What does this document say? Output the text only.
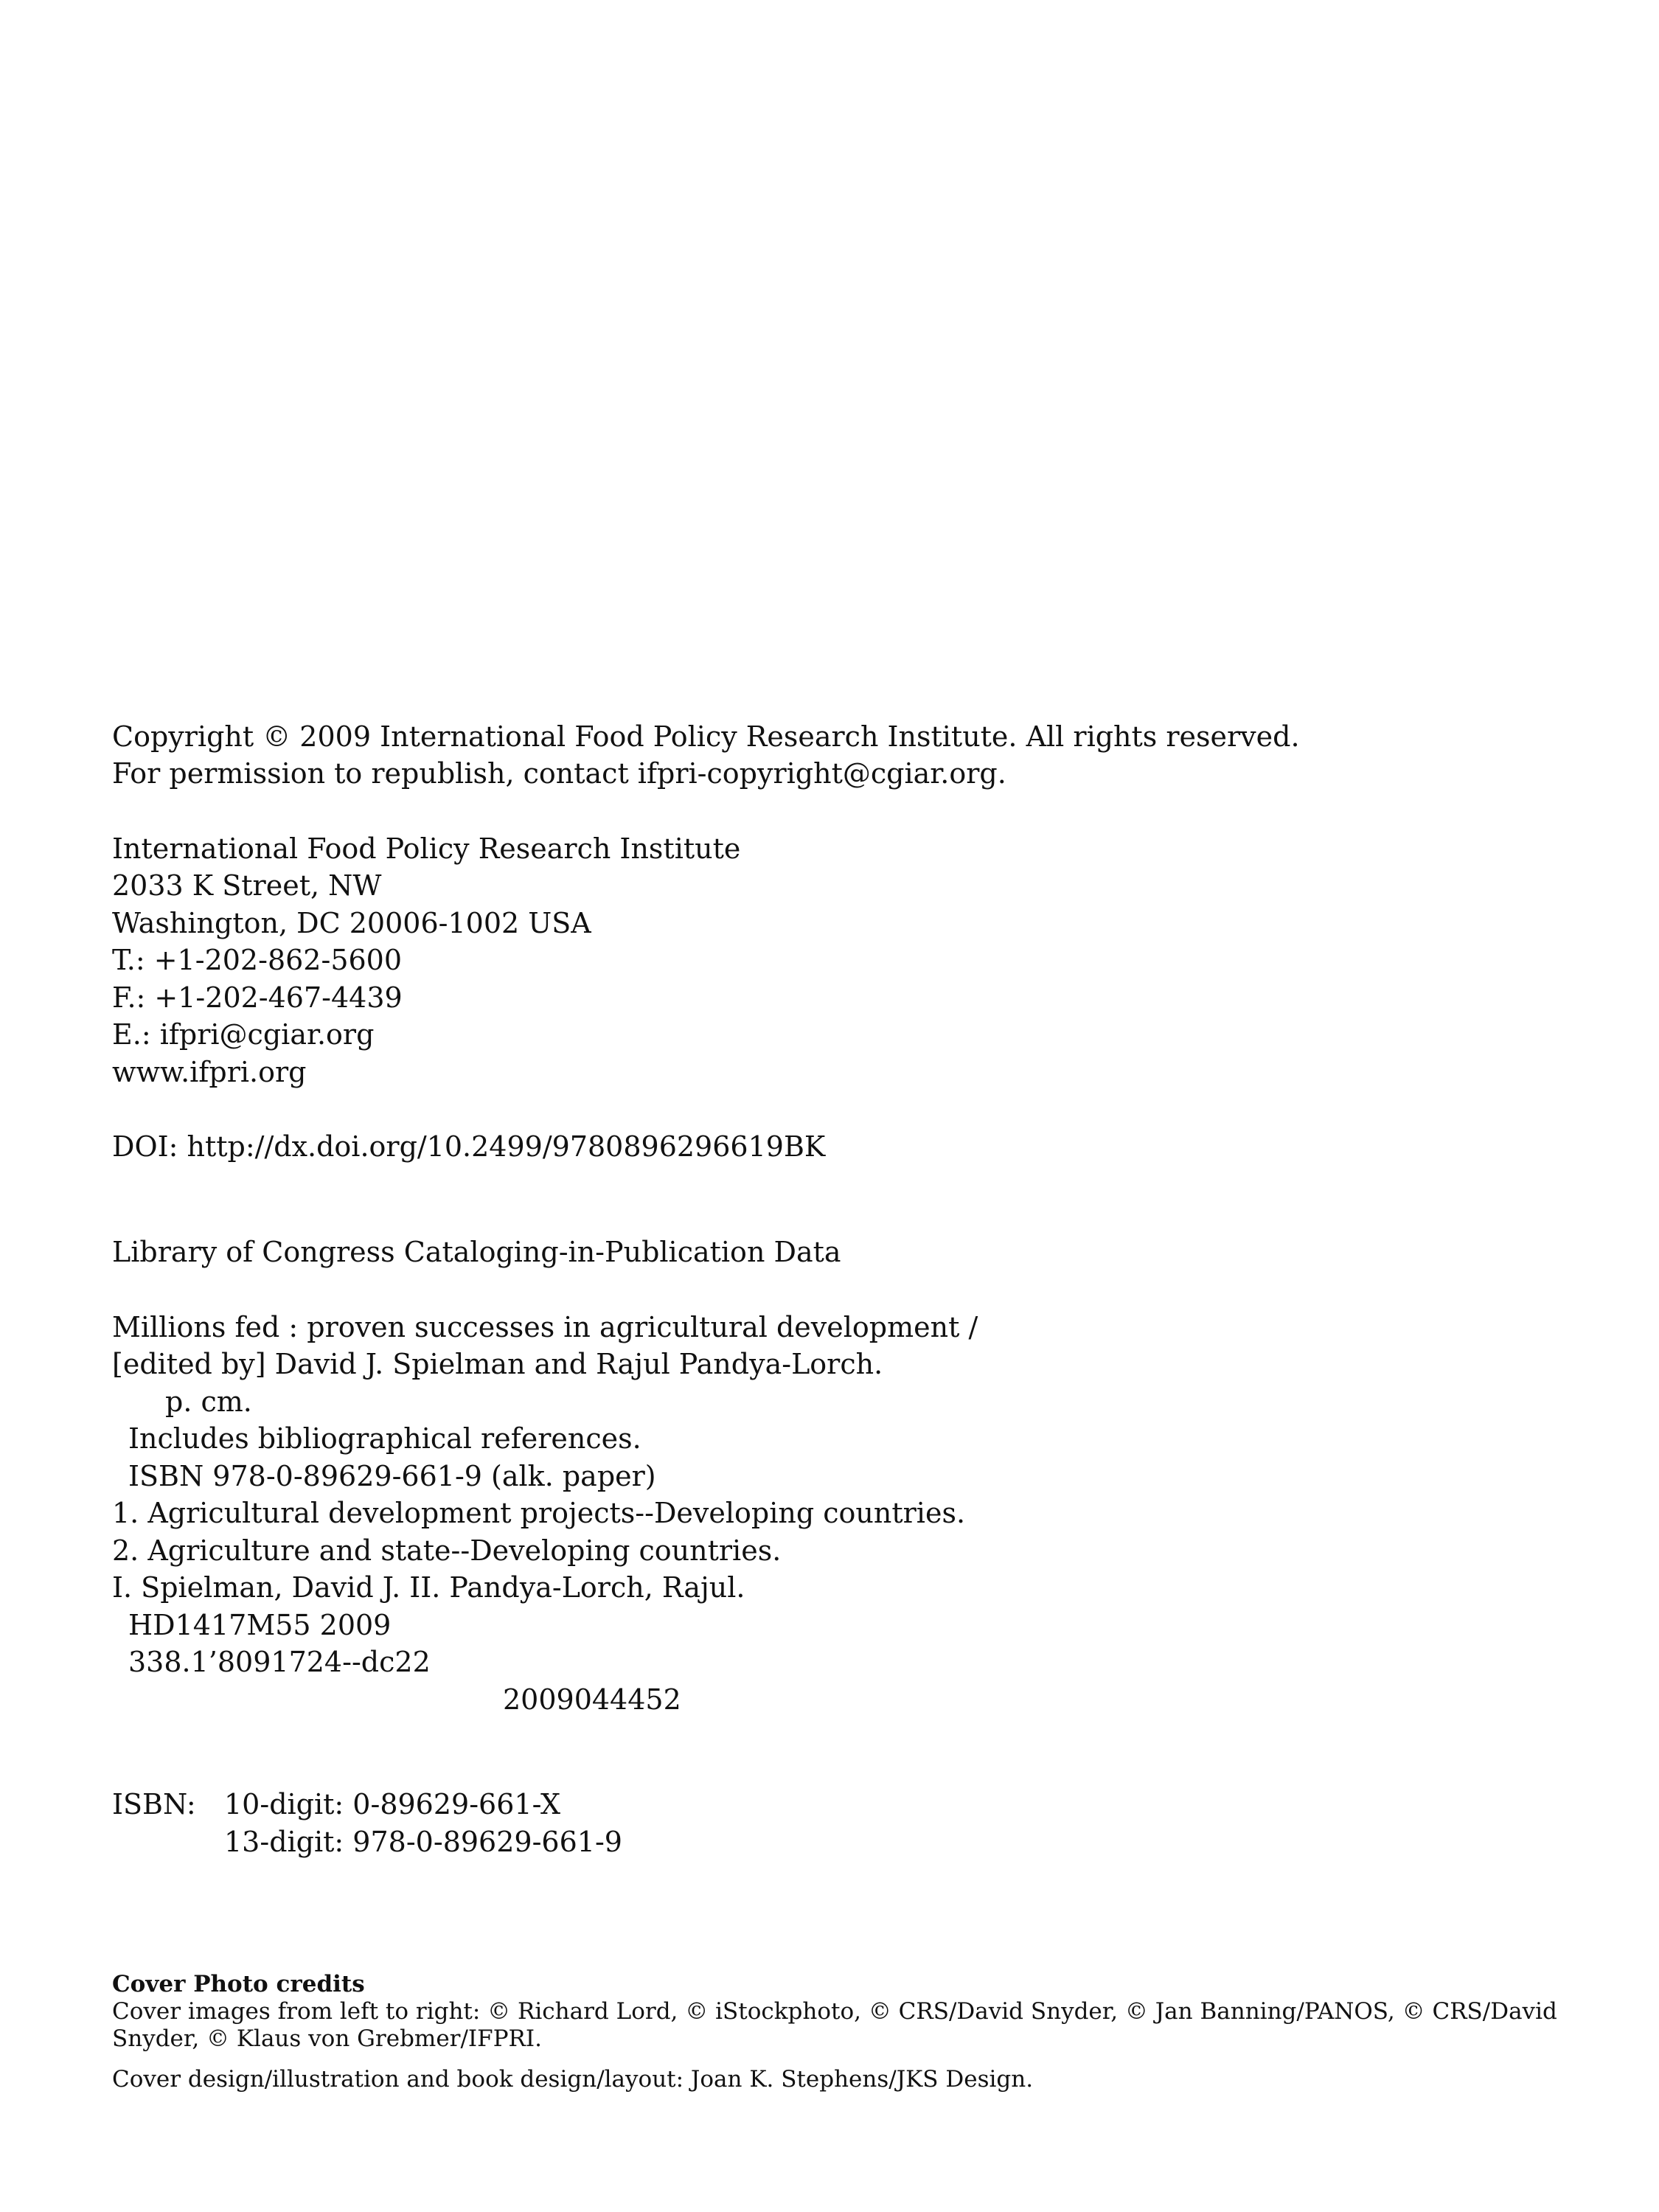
Copyright © 2009 International Food Policy Research Institute. All rights reserved.
For permission to republish, contact ifpri-copyright@cgiar.org.
International Food Policy Research Institute
2033 K Street, NW
Washington, DC 20006-1002 USA
T.: +1-202-862-5600
F.: +1-202-467-4439
E.: ifpri@cgiar.org
www.ifpri.org
DOI: http://dx.doi.org/10.2499/9780896296619BK
Library of Congress Cataloging-in-Publication Data
Millions fed : proven successes in agricultural development /
[edited by] David J. Spielman and Rajul Pandya-Lorch.
p. cm.
Includes bibliographical references.
ISBN 978-0-89629-661-9 (alk. paper)
1. Agricultural development projects--Developing countries.
2. Agriculture and state--Developing countries.
I. Spielman, David J. II. Pandya-Lorch, Rajul.
HD1417M55 2009
338.1’8091724--dc22
2009044452
ISBN: 10-digit: 0-89629-661-X
13-digit: 978-0-89629-661-9
Cover Photo credits
Cover images from left to right: © Richard Lord, © iStockphoto, © CRS/David Snyder, © Jan Banning/PANOS, © CRS/David
Snyder, © Klaus von Grebmer/IFPRI.
Cover design/illustration and book design/layout: Joan K. Stephens/JKS Design.
